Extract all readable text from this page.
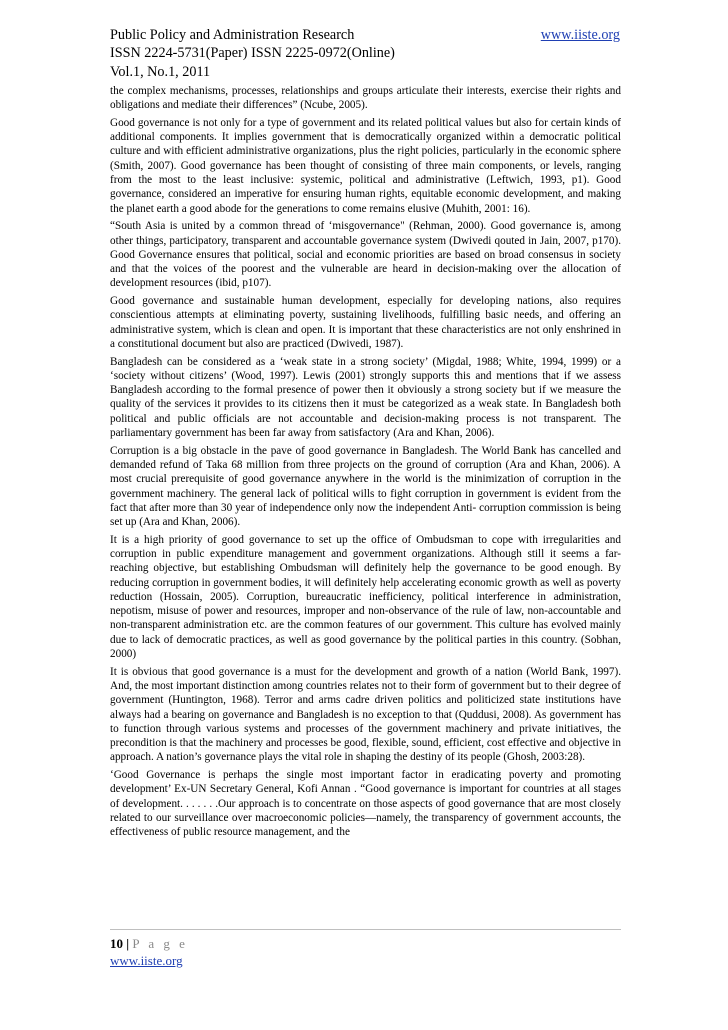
Public Policy and Administration Research	www.iiste.org
ISSN 2224-5731(Paper) ISSN 2225-0972(Online)
Vol.1, No.1, 2011

the complex mechanisms, processes, relationships and groups articulate their interests, exercise their rights and obligations and mediate their differences” (Ncube, 2005).

Good governance is not only for a type of government and its related political values but also for certain kinds of additional components. It implies government that is democratically organized within a democratic political culture and with efficient administrative organizations, plus the right policies, particularly in the economic sphere (Smith, 2007). Good governance has been thought of consisting of three main components, or levels, ranging from the most to the least inclusive: systemic, political and administrative (Leftwich, 1993, p1). Good governance, considered an imperative for ensuring human rights, equitable economic development, and making the planet earth a good abode for the generations to come remains elusive (Muhith, 2001: 16).

“South Asia is united by a common thread of ‘misgovernance" (Rehman, 2000). Good governance is, among other things, participatory, transparent and accountable governance system (Dwivedi qouted in Jain, 2007, p170). Good Governance ensures that political, social and economic priorities are based on broad consensus in society and that the voices of the poorest and the vulnerable are heard in decision-making over the allocation of development resources (ibid, p107).

Good governance and sustainable human development, especially for developing nations, also requires conscientious attempts at eliminating poverty, sustaining livelihoods, fulfilling basic needs, and offering an administrative system, which is clean and open. It is important that these characteristics are not only enshrined in a constitutional document but also are practiced (Dwivedi, 1987).

Bangladesh can be considered as a ‘weak state in a strong society’ (Migdal, 1988; White, 1994, 1999) or a ‘society without citizens’ (Wood, 1997). Lewis (2001) strongly supports this and mentions that if we assess Bangladesh according to the formal presence of power then it obviously a strong society but if we measure the quality of the services it provides to its citizens then it must be categorized as a weak state. In Bangladesh both political and public officials are not accountable and decision-making process is not transparent. The parliamentary government has been far away from satisfactory (Ara and Khan, 2006).

Corruption is a big obstacle in the pave of good governance in Bangladesh. The World Bank has cancelled and demanded refund of Taka 68 million from three projects on the ground of corruption (Ara and Khan, 2006). A most crucial prerequisite of good governance anywhere in the world is the minimization of corruption in the government machinery. The general lack of political wills to fight corruption in government is evident from the fact that after more than 30 year of independence only now the independent Anti- corruption commission is being set up (Ara and Khan, 2006).

It is a high priority of good governance to set up the office of Ombudsman to cope with irregularities and corruption in public expenditure management and government organizations. Although still it seems a far-reaching objective, but establishing Ombudsman will definitely help the governance to be good enough. By reducing corruption in government bodies, it will definitely help accelerating economic growth as well as poverty reduction (Hossain, 2005). Corruption, bureaucratic inefficiency, political interference in administration, nepotism, misuse of power and resources, improper and non-observance of the rule of law, non-accountable and non-transparent administration etc. are the common features of our government. This culture has evolved mainly due to lack of democratic practices, as well as good governance by the political parties in this country. (Sobhan, 2000)

It is obvious that good governance is a must for the development and growth of a nation (World Bank, 1997). And, the most important distinction among countries relates not to their form of government but to their degree of government (Huntington, 1968). Terror and arms cadre driven politics and politicized state institutions have always had a bearing on governance and Bangladesh is no exception to that (Quddusi, 2008). As government has to function through various systems and processes of the government machinery and private initiatives, the precondition is that the machinery and processes be good, flexible, sound, efficient, cost effective and objective in approach. A nation’s governance plays the vital role in shaping the destiny of its people (Ghosh, 2003:28).

‘Good Governance is perhaps the single most important factor in eradicating poverty and promoting development’ Ex-UN Secretary General, Kofi Annan . “Good governance is important for countries at all stages of development. . . . . . .Our approach is to concentrate on those aspects of good governance that are most closely related to our surveillance over macroeconomic policies—namely, the transparency of government accounts, the effectiveness of public resource management, and the

10 | P a g e
www.iiste.org
